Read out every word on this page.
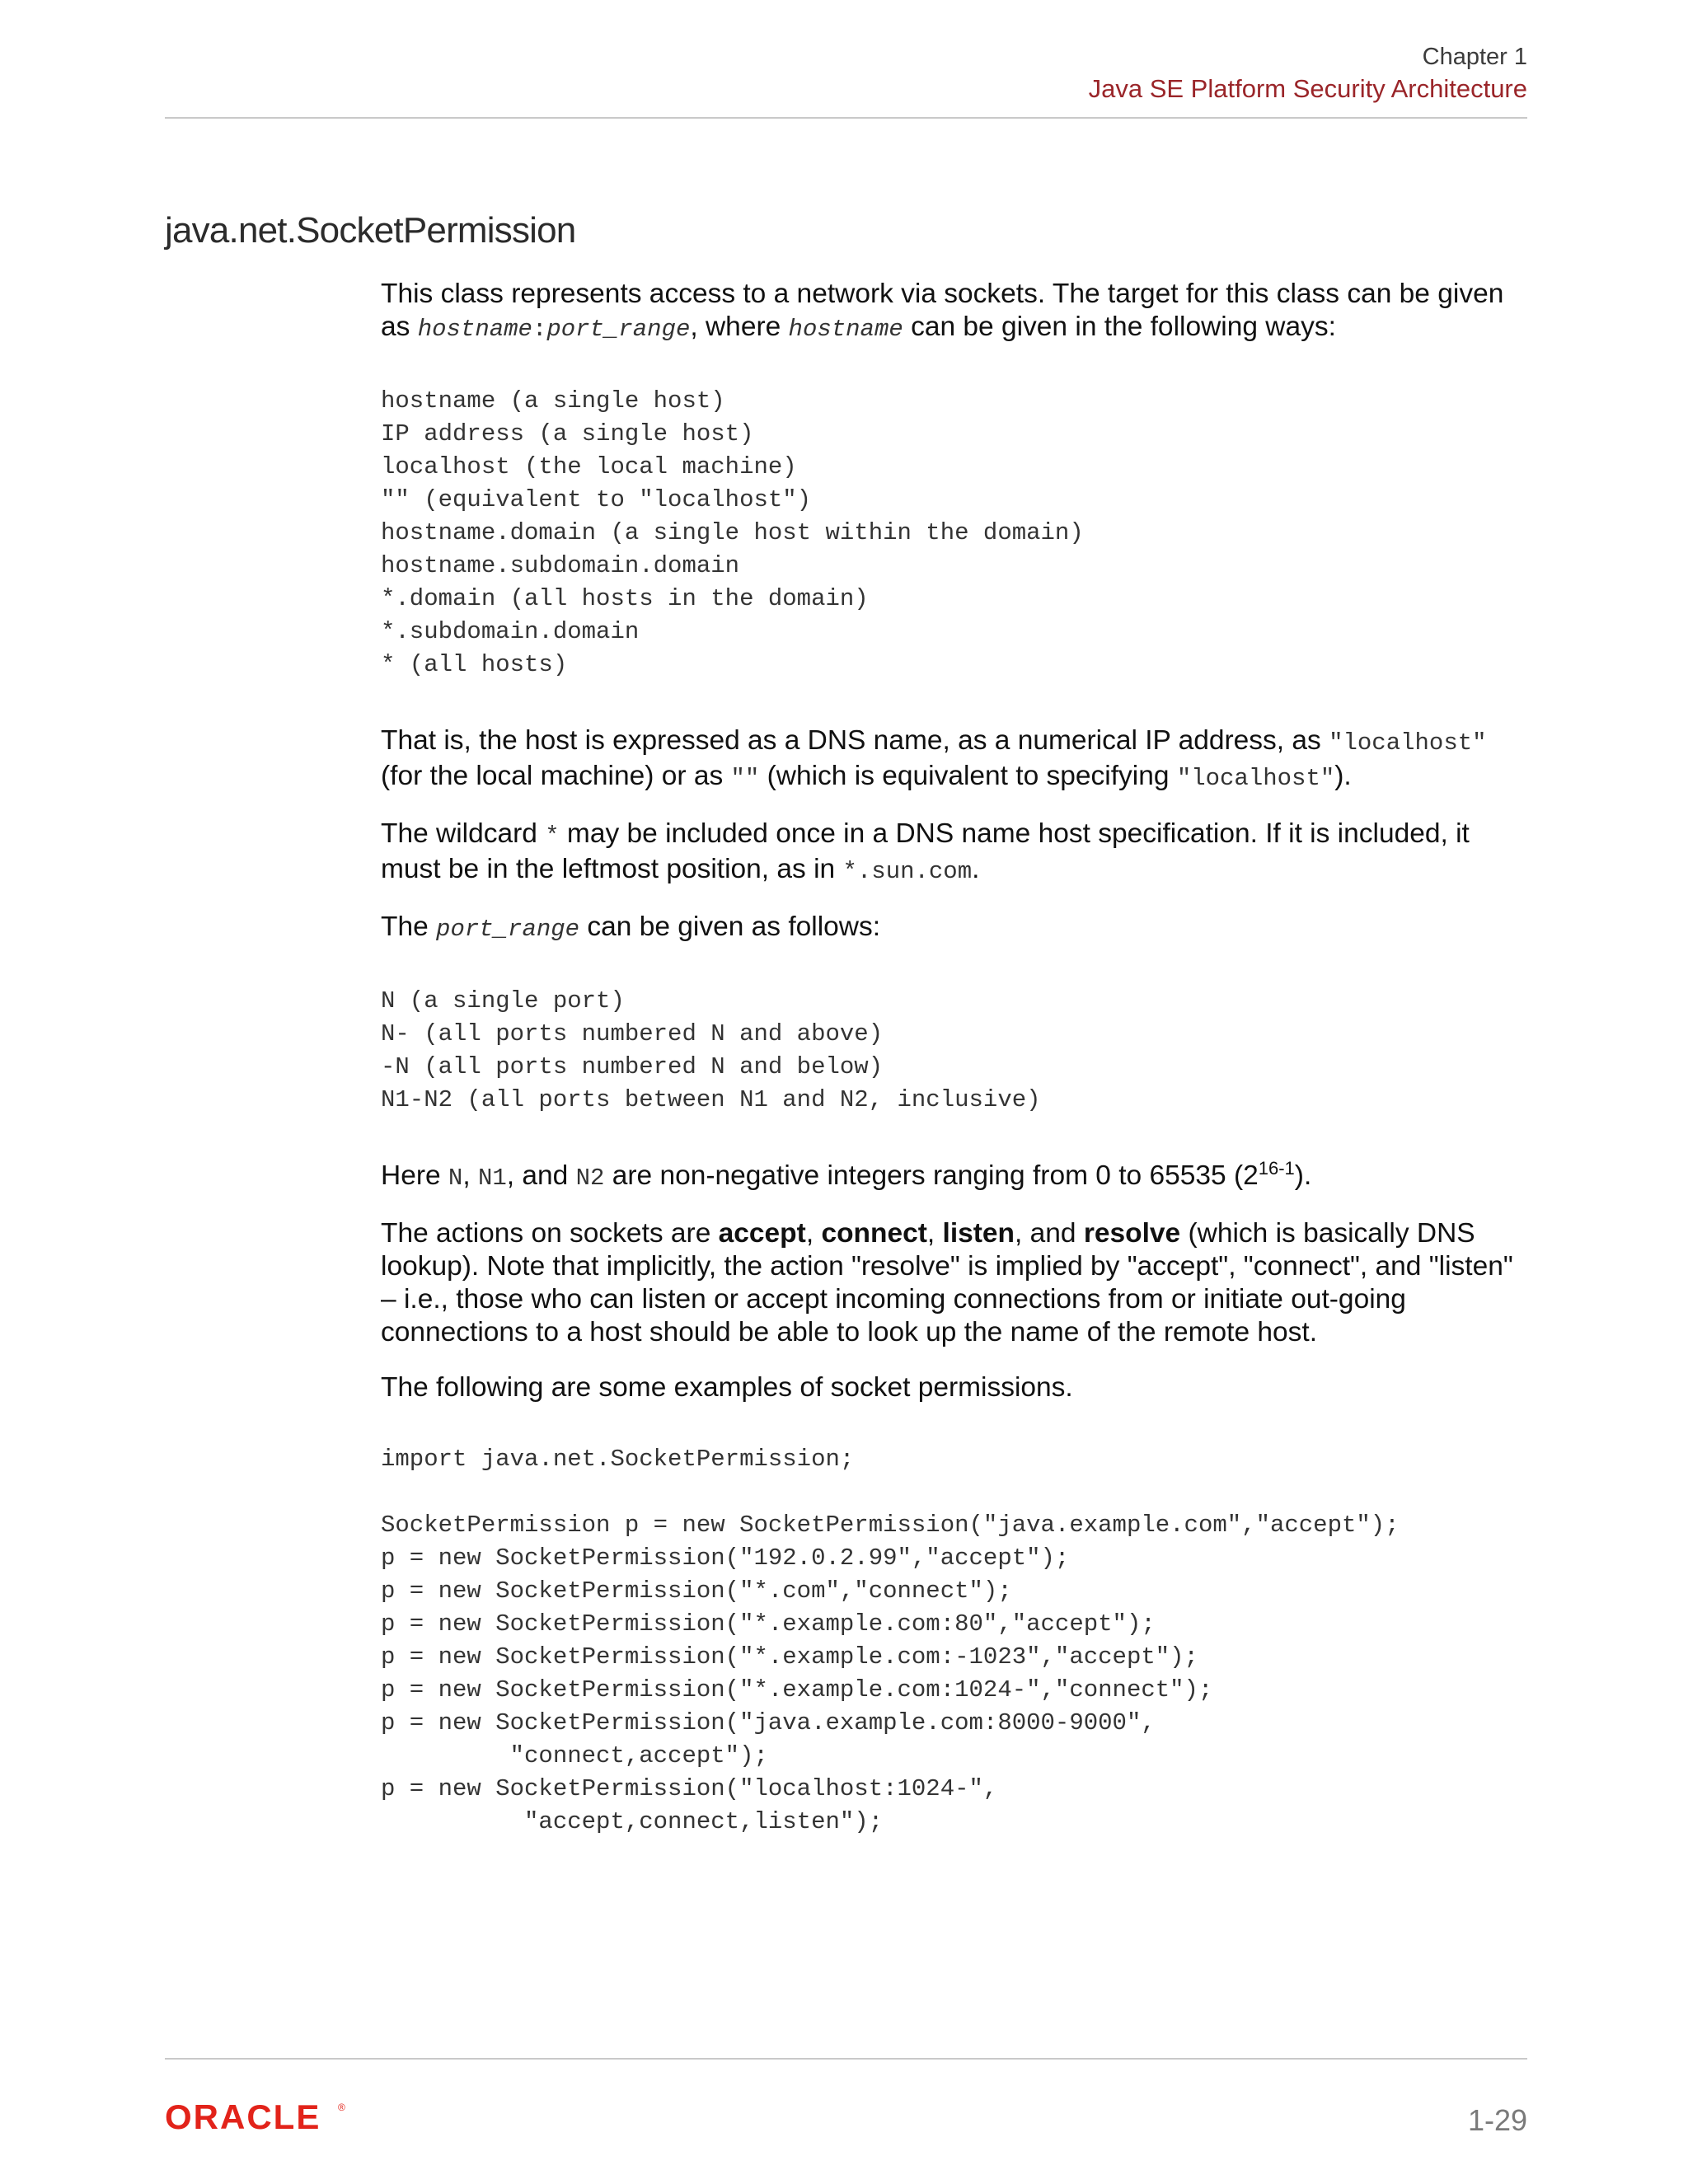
Chapter 1
Java SE Platform Security Architecture
java.net.SocketPermission

This class represents access to a network via sockets. The target for this class can be given as hostname:port_range, where hostname can be given in the following ways:

hostname (a single host)
IP address (a single host)
localhost (the local machine)
"" (equivalent to "localhost")
hostname.domain (a single host within the domain)
hostname.subdomain.domain
*.domain (all hosts in the domain)
*.subdomain.domain
* (all hosts)

That is, the host is expressed as a DNS name, as a numerical IP address, as "localhost" (for the local machine) or as "" (which is equivalent to specifying "localhost").

The wildcard * may be included once in a DNS name host specification. If it is included, it must be in the leftmost position, as in *.sun.com.

The port_range can be given as follows:

N (a single port)
N- (all ports numbered N and above)
-N (all ports numbered N and below)
N1-N2 (all ports between N1 and N2, inclusive)

Here N, N1, and N2 are non-negative integers ranging from 0 to 65535 (2$^{16-1}$).

The actions on sockets are accept, connect, listen, and resolve (which is basically DNS lookup). Note that implicitly, the action "resolve" is implied by "accept", "connect", and "listen" – i.e., those who can listen or accept incoming connections from or initiate out-going connections to a host should be able to look up the name of the remote host.

The following are some examples of socket permissions.

import java.net.SocketPermission;
SocketPermission p = new SocketPermission("java.example.com","accept");
p = new SocketPermission("192.0.2.99","accept");
p = new SocketPermission("*.com","connect");
p = new SocketPermission("*.example.com:80","accept");
p = new SocketPermission("*.example.com:-1023","accept");
p = new SocketPermission("*.example.com:1024-","connect");
p = new SocketPermission("java.example.com:8000-9000",
"connect,accept");
p = new SocketPermission("localhost:1024-",
"accept,connect,listen");
ORACLE ®	1-29
